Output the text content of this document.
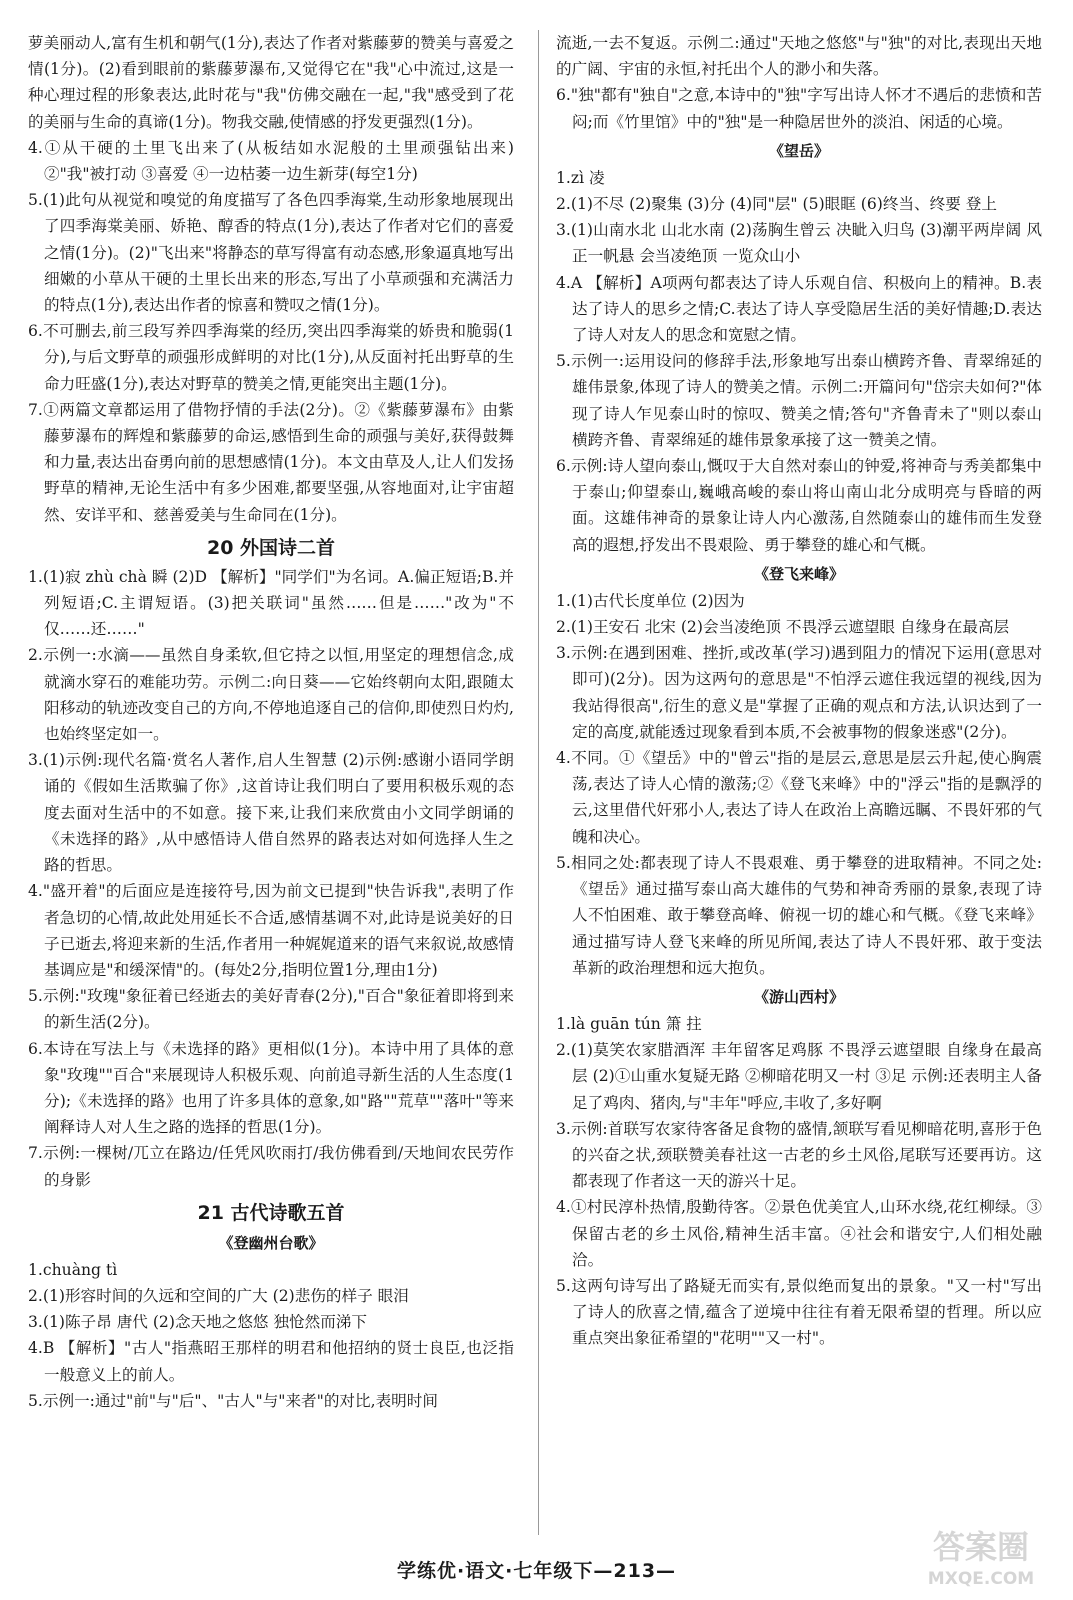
萝美丽动人,富有生机和朝气(1分),表达了作者对紫藤萝的赞美与喜爱之情(1分)。(2)看到眼前的紫藤萝瀑布,又觉得它在"我"心中流过,这是一种心理过程的形象表达,此时花与"我"仿佛交融在一起,"我"感受到了花的美丽与生命的真谛(1分)。物我交融,使情感的抒发更强烈(1分)。

4.①从干硬的土里飞出来了(从板结如水泥般的土里顽强钻出来) ②"我"被打动 ③喜爱 ④一边枯萎一边生新芽(每空1分)

5.(1)此句从视觉和嗅觉的角度描写了各色四季海棠,生动形象地展现出了四季海棠美丽、娇艳、醇香的特点(1分),表达了作者对它们的喜爱之情(1分)。(2)"飞出来"将静态的草写得富有动态感,形象逼真地写出细嫩的小草从干硬的土里长出来的形态,写出了小草顽强和充满活力的特点(1分),表达出作者的惊喜和赞叹之情(1分)。

6.不可删去,前三段写养四季海棠的经历,突出四季海棠的娇贵和脆弱(1分),与后文野草的顽强形成鲜明的对比(1分),从反面衬托出野草的生命力旺盛(1分),表达对野草的赞美之情,更能突出主题(1分)。

7.①两篇文章都运用了借物抒情的手法(2分)。②《紫藤萝瀑布》由紫藤萝瀑布的辉煌和紫藤萝的命运,感悟到生命的顽强与美好,获得鼓舞和力量,表达出奋勇向前的思想感情(1分)。本文由草及人,让人们发扬野草的精神,无论生活中有多少困难,都要坚强,从容地面对,让宇宙超然、安详平和、慈善爱美与生命同在(1分)。

20 外国诗二首

1.(1)寂 zhù chà 瞬 (2)D 【解析】"同学们"为名词。A.偏正短语;B.并列短语;C.主谓短语。(3)把关联词"虽然……但是……"改为"不仅……还……"

2.示例一:水滴——虽然自身柔软,但它持之以恒,用坚定的理想信念,成就滴水穿石的难能功劳。示例二:向日葵——它始终朝向太阳,跟随太阳移动的轨迹改变自己的方向,不停地追逐自己的信仰,即使烈日灼灼,也始终坚定如一。

3.(1)示例:现代名篇·赏名人著作,启人生智慧 (2)示例:感谢小语同学朗诵的《假如生活欺骗了你》,这首诗让我们明白了要用积极乐观的态度去面对生活中的不如意。接下来,让我们来欣赏由小文同学朗诵的《未选择的路》,从中感悟诗人借自然界的路表达对如何选择人生之路的哲思。

4."盛开着"的后面应是连接符号,因为前文已提到"快告诉我",表明了作者急切的心情,故此处用延长不合适,感情基调不对,此诗是说美好的日子已逝去,将迎来新的生活,作者用一种娓娓道来的语气来叙说,故感情基调应是"和缓深情"的。(每处2分,指明位置1分,理由1分)

5.示例:"玫瑰"象征着已经逝去的美好青春(2分),"百合"象征着即将到来的新生活(2分)。

6.本诗在写法上与《未选择的路》更相似(1分)。本诗中用了具体的意象"玫瑰""百合"来展现诗人积极乐观、向前追寻新生活的人生态度(1分);《未选择的路》也用了许多具体的意象,如"路""荒草""落叶"等来阐释诗人对人生之路的选择的哲思(1分)。

7.示例:一棵树/兀立在路边/任凭风吹雨打/我仿佛看到/天地间农民劳作的身影

21 古代诗歌五首
《登幽州台歌》

1.chuàng tì

2.(1)形容时间的久远和空间的广大 (2)悲伤的样子 眼泪

3.(1)陈子昂 唐代 (2)念天地之悠悠 独怆然而涕下

4.B 【解析】"古人"指燕昭王那样的明君和他招纳的贤士良臣,也泛指一般意义上的前人。

5.示例一:通过"前"与"后"、"古人"与"来者"的对比,表明时间

流逝,一去不复返。示例二:通过"天地之悠悠"与"独"的对比,表现出天地的广阔、宇宙的永恒,衬托出个人的渺小和失落。

6."独"都有"独自"之意,本诗中的"独"字写出诗人怀才不遇后的悲愤和苦闷;而《竹里馆》中的"独"是一种隐居世外的淡泊、闲适的心境。

《望岳》

1.zì 凌

2.(1)不尽 (2)聚集 (3)分 (4)同"层" (5)眼眶 (6)终当、终要 登上

3.(1)山南水北 山北水南 (2)荡胸生曾云 决眦入归鸟 (3)潮平两岸阔 风正一帆悬 会当凌绝顶 一览众山小

4.A 【解析】A项两句都表达了诗人乐观自信、积极向上的精神。B.表达了诗人的思乡之情;C.表达了诗人享受隐居生活的美好情趣;D.表达了诗人对友人的思念和宽慰之情。

5.示例一:运用设问的修辞手法,形象地写出泰山横跨齐鲁、青翠绵延的雄伟景象,体现了诗人的赞美之情。示例二:开篇问句"岱宗夫如何?"体现了诗人乍见泰山时的惊叹、赞美之情;答句"齐鲁青未了"则以泰山横跨齐鲁、青翠绵延的雄伟景象承接了这一赞美之情。

6.示例:诗人望向泰山,慨叹于大自然对泰山的钟爱,将神奇与秀美都集中于泰山;仰望泰山,巍峨高峻的泰山将山南山北分成明亮与昏暗的两面。这雄伟神奇的景象让诗人内心激荡,自然随泰山的雄伟而生发登高的遐想,抒发出不畏艰险、勇于攀登的雄心和气概。

《登飞来峰》

1.(1)古代长度单位 (2)因为

2.(1)王安石 北宋 (2)会当凌绝顶 不畏浮云遮望眼 自缘身在最高层

3.示例:在遇到困难、挫折,或改革(学习)遇到阻力的情况下运用(意思对即可)(2分)。因为这两句的意思是"不怕浮云遮住我远望的视线,因为我站得很高",衍生的意义是"掌握了正确的观点和方法,认识达到了一定的高度,就能透过现象看到本质,不会被事物的假象迷惑"(2分)。

4.不同。①《望岳》中的"曾云"指的是层云,意思是层云升起,使心胸震荡,表达了诗人心情的激荡;②《登飞来峰》中的"浮云"指的是飘浮的云,这里借代奸邪小人,表达了诗人在政治上高瞻远瞩、不畏奸邪的气魄和决心。

5.相同之处:都表现了诗人不畏艰难、勇于攀登的进取精神。不同之处:《望岳》通过描写泰山高大雄伟的气势和神奇秀丽的景象,表现了诗人不怕困难、敢于攀登高峰、俯视一切的雄心和气概。《登飞来峰》通过描写诗人登飞来峰的所见所闻,表达了诗人不畏奸邪、敢于变法革新的政治理想和远大抱负。

《游山西村》

1.là guān tún 箫 拄

2.(1)莫笑农家腊酒浑 丰年留客足鸡豚 不畏浮云遮望眼 自缘身在最高层 (2)①山重水复疑无路 ②柳暗花明又一村 ③足 示例:还表明主人备足了鸡肉、猪肉,与"丰年"呼应,丰收了,多好啊

3.示例:首联写农家待客备足食物的盛情,颔联写看见柳暗花明,喜形于色的兴奋之状,颈联赞美春社这一古老的乡土风俗,尾联写还要再访。这都表现了作者这一天的游兴十足。

4.①村民淳朴热情,殷勤待客。②景色优美宜人,山环水绕,花红柳绿。③保留古老的乡土风俗,精神生活丰富。④社会和谐安宁,人们相处融洽。

5.这两句诗写出了路疑无而实有,景似绝而复出的景象。"又一村"写出了诗人的欣喜之情,蕴含了逆境中往往有着无限希望的哲理。所以应重点突出象征希望的"花明""又一村"。

学练优·语文·七年级下—213—
答案圈
MXQE.COM
